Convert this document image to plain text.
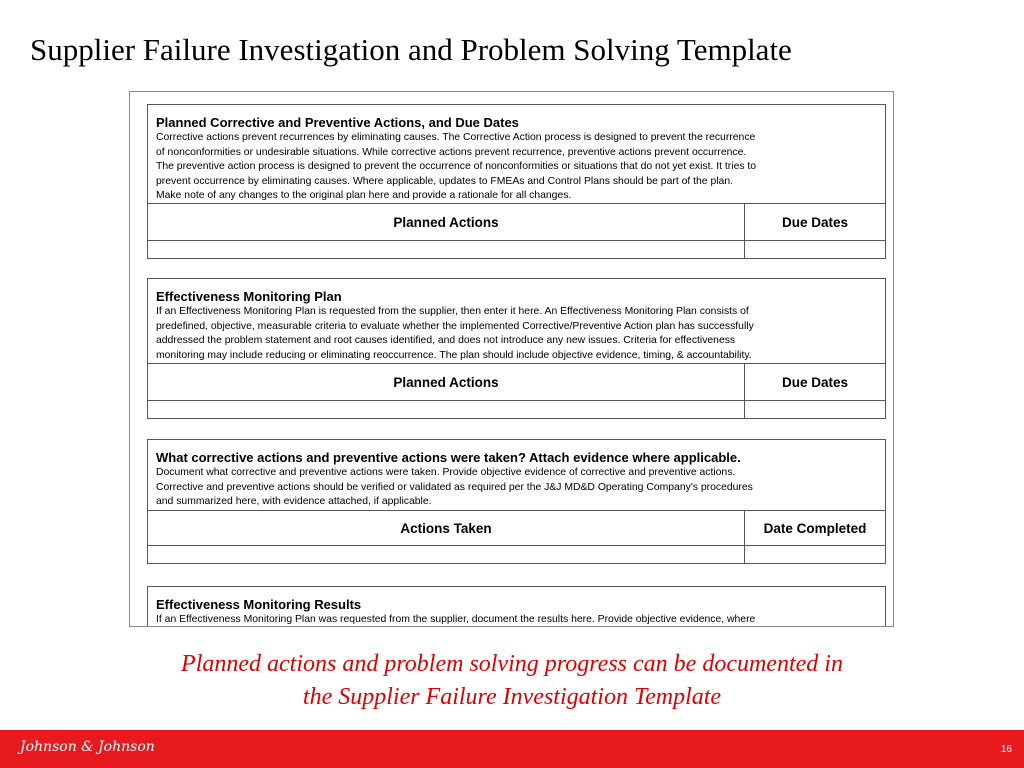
Supplier Failure Investigation and Problem Solving Template
Planned Corrective and Preventive Actions, and Due Dates
Corrective actions prevent recurrences by eliminating causes. The Corrective Action process is designed to prevent the recurrence
of nonconformities or undesirable situations. While corrective actions prevent recurrence, preventive actions prevent occurrence.
The preventive action process is designed to prevent the occurrence of nonconformities or situations that do not yet exist. It tries to
prevent occurrence by eliminating causes. Where applicable, updates to FMEAs and Control Plans should be part of the plan.
Make note of any changes to the original plan here and provide a rationale for all changes.
Planned Actions	Due Dates
Effectiveness Monitoring Plan
If an Effectiveness Monitoring Plan is requested from the supplier, then enter it here. An Effectiveness Monitoring Plan consists of
predefined, objective, measurable criteria to evaluate whether the implemented Corrective/Preventive Action plan has successfully
addressed the problem statement and root causes identified, and does not introduce any new issues. Criteria for effectiveness
monitoring may include reducing or eliminating reoccurrence. The plan should include objective evidence, timing, & accountability.
Planned Actions	Due Dates
What corrective actions and preventive actions were taken? Attach evidence where applicable.
Document what corrective and preventive actions were taken. Provide objective evidence of corrective and preventive actions.
Corrective and preventive actions should be verified or validated as required per the J&J MD&D Operating Company's procedures
and summarized here, with evidence attached, if applicable.
Actions Taken	Date Completed
Effectiveness Monitoring Results
If an Effectiveness Monitoring Plan was requested from the supplier, document the results here. Provide objective evidence, where
Planned actions and problem solving progress can be documented in
the Supplier Failure Investigation Template
Johnson & Johnson	16
